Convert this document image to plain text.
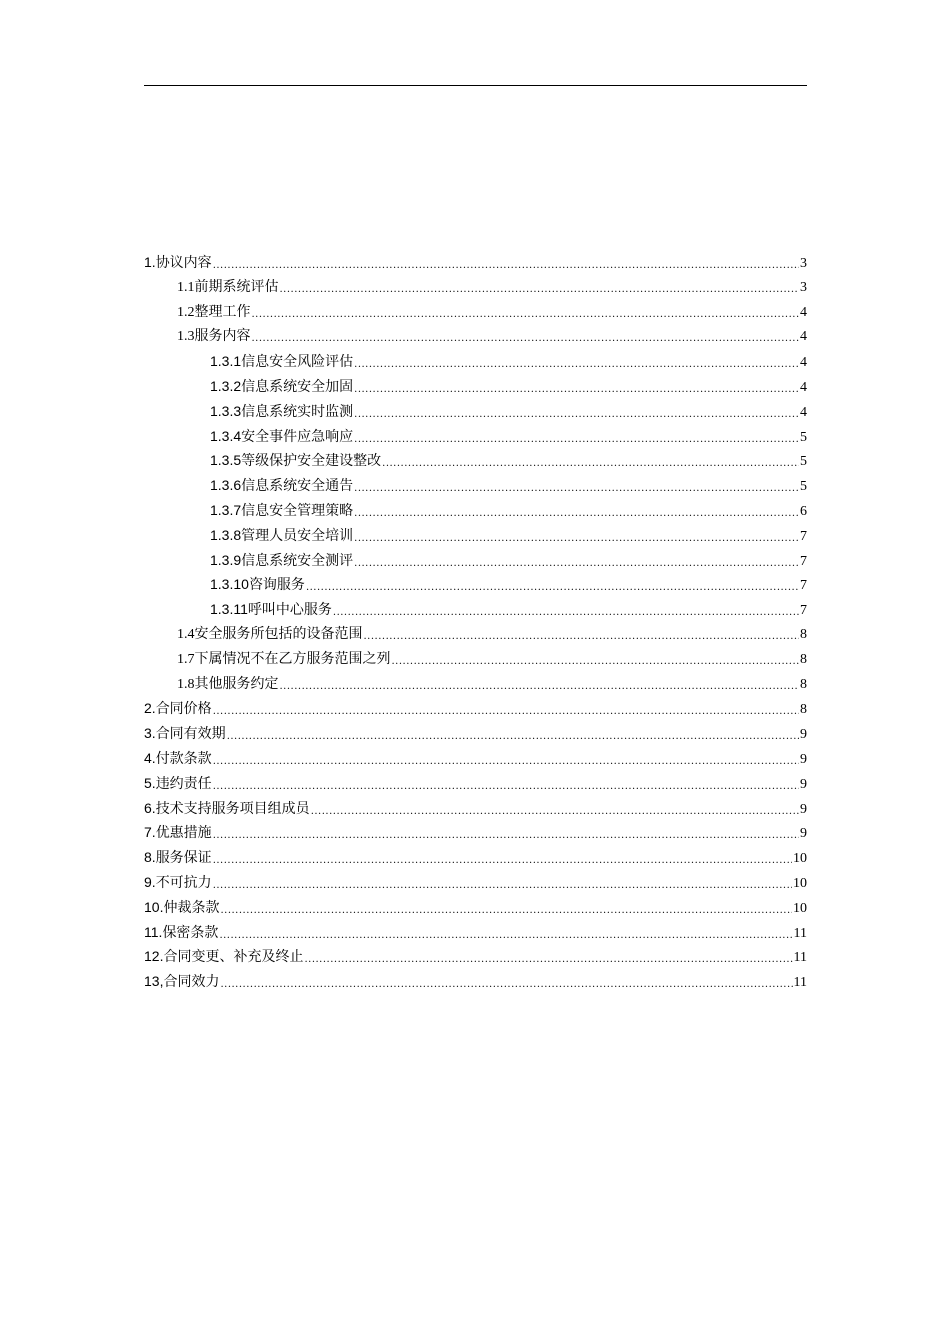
1. 协议内容 .....	3
1.1 前期系统评估 .....	3
1.2 整理工作 .....	4
1.3 服务内容 .....	4
1.3.1 信息安全风险评估 .....	4
1.3.2 信息系统安全加固 .....	4
1.3.3 信息系统实时监测 .....	4
1.3.4 安全事件应急响应 .....	5
1.3.5 等级保护安全建设整改 .....	5
1.3.6 信息系统安全通告 .....	5
1.3.7 信息安全管理策略 .....	6
1.3.8 管理人员安全培训 .....	7
1.3.9 信息系统安全测评 .....	7
1.3.10 咨询服务 .....	7
1.3.11 呼叫中心服务 .....	7
1.4 安全服务所包括的设备范围 .....	8
1.7 下属情况不在乙方服务范围之列 .....	8
1.8 其他服务约定 .....	8
2. 合同价格 .....	8
3. 合同有效期 .....	9
4. 付款条款 .....	9
5. 违约责任 .....	9
6. 技术支持服务项目组成员 .....	9
7. 优惠措施 .....	9
8. 服务保证 .....	10
9. 不可抗力 .....	10
10. 仲裁条款 .....	10
11. 保密条款 .....	11
12. 合同变更、补充及终止 .....	11
13, 合同效力 .....	11
